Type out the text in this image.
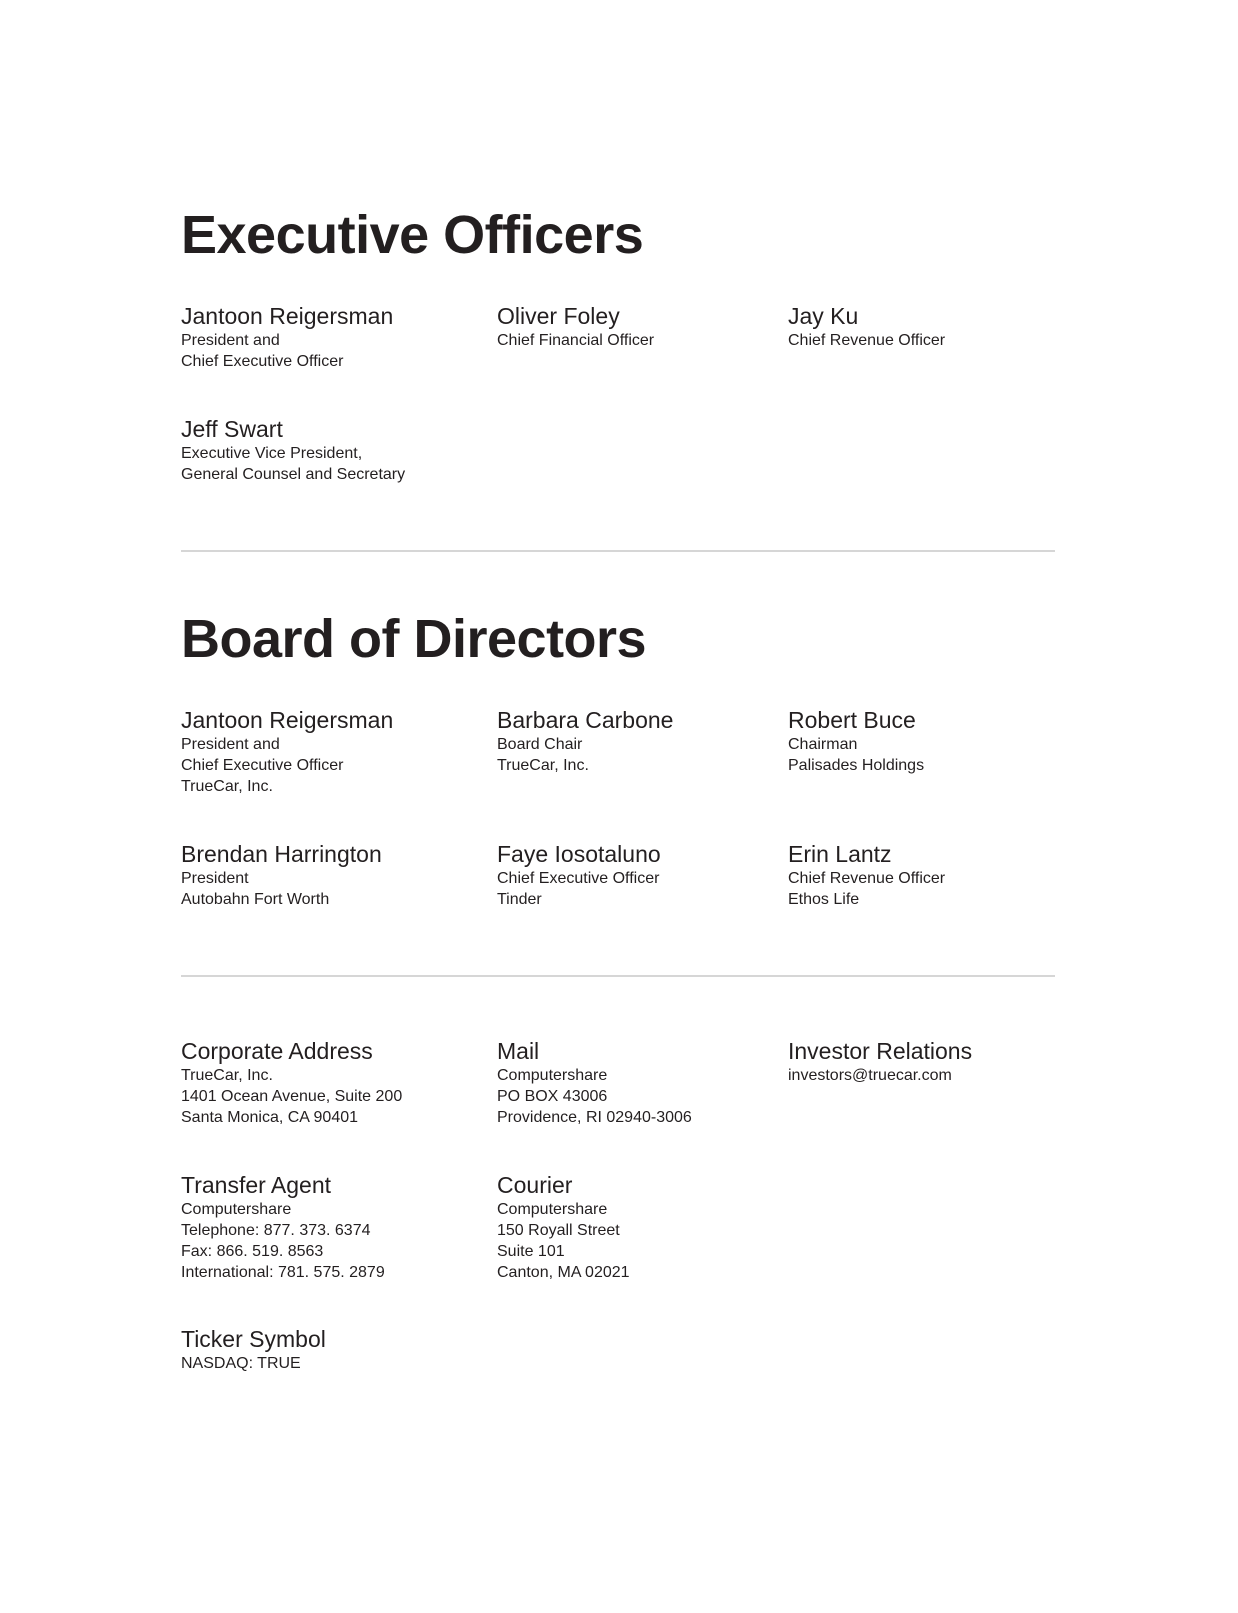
Executive Officers
Jantoon Reigersman
President and
Chief Executive Officer
Oliver Foley
Chief Financial Officer
Jay Ku
Chief Revenue Officer
Jeff Swart
Executive Vice President,
General Counsel and Secretary
Board of Directors
Jantoon Reigersman
President and
Chief Executive Officer
TrueCar, Inc.
Barbara Carbone
Board Chair
TrueCar, Inc.
Robert Buce
Chairman
Palisades Holdings
Brendan Harrington
President
Autobahn Fort Worth
Faye Iosotaluno
Chief Executive Officer
Tinder
Erin Lantz
Chief Revenue Officer
Ethos Life
Corporate Address
TrueCar, Inc.
1401 Ocean Avenue, Suite 200
Santa Monica, CA 90401
Mail
Computershare
PO BOX 43006
Providence, RI 02940-3006
Investor Relations
investors@truecar.com
Transfer Agent
Computershare
Telephone: 877. 373. 6374
Fax: 866. 519. 8563
International: 781. 575. 2879
Courier
Computershare
150 Royall Street
Suite 101
Canton, MA 02021
Ticker Symbol
NASDAQ: TRUE
